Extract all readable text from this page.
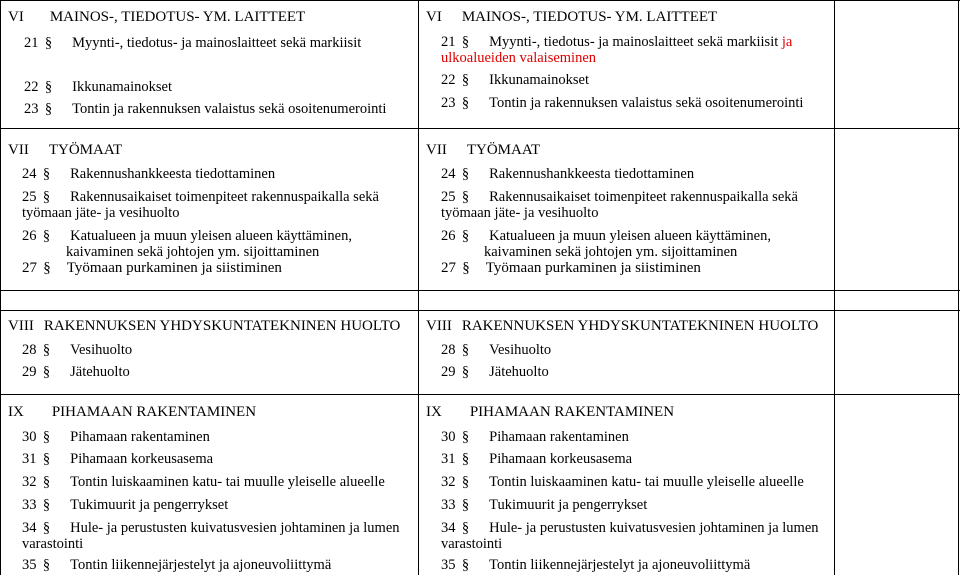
VI MAINOS-, TIEDOTUS- YM. LAITTEET
21 § Myynti-, tiedotus- ja mainoslaitteet sekä markiisit
22 § Ikkunamainokset
23 § Tontin ja rakennuksen valaistus sekä osoitenumerointi
VI MAINOS-, TIEDOTUS- YM. LAITTEET
21 § Myynti-, tiedotus- ja mainoslaitteet sekä markiisit ja
ulkoalueiden valaiseminen
22 § Ikkunamainokset
23 § Tontin ja rakennuksen valaistus sekä osoitenumerointi
VII TYÖMAAT
24 § Rakennushankkeesta tiedottaminen
25 § Rakennusaikaiset toimenpiteet rakennuspaikalla sekä
työmaan jäte- ja vesihuolto
26 § Katualueen ja muun yleisen alueen käyttäminen,
kaivaminen sekä johtojen ym. sijoittaminen
27 § Työmaan purkaminen ja siistiminen
VII TYÖMAAT
24 § Rakennushankkeesta tiedottaminen
25 § Rakennusaikaiset toimenpiteet rakennuspaikalla sekä
työmaan jäte- ja vesihuolto
26 § Katualueen ja muun yleisen alueen käyttäminen,
kaivaminen sekä johtojen ym. sijoittaminen
27 § Työmaan purkaminen ja siistiminen
VIII RAKENNUKSEN YHDYSKUNTATEKNINEN HUOLTO
28 § Vesihuolto
29 § Jätehuolto
VIII RAKENNUKSEN YHDYSKUNTATEKNINEN HUOLTO
28 § Vesihuolto
29 § Jätehuolto
IX PIHAMAAN RAKENTAMINEN
30 § Pihamaan rakentaminen
31 § Pihamaan korkeusasema
32 § Tontin luiskaaminen katu- tai muulle yleiselle alueelle
33 § Tukimuurit ja pengerrykset
34 § Hule- ja perustusten kuivatusvesien johtaminen ja lumen
varastointi
35 § Tontin liikennejärjestelyt ja ajoneuvoliittymä
IX PIHAMAAN RAKENTAMINEN
30 § Pihamaan rakentaminen
31 § Pihamaan korkeusasema
32 § Tontin luiskaaminen katu- tai muulle yleiselle alueelle
33 § Tukimuurit ja pengerrykset
34 § Hule- ja perustusten kuivatusvesien johtaminen ja lumen
varastointi
35 § Tontin liikennejärjestelyt ja ajoneuvoliittymä
